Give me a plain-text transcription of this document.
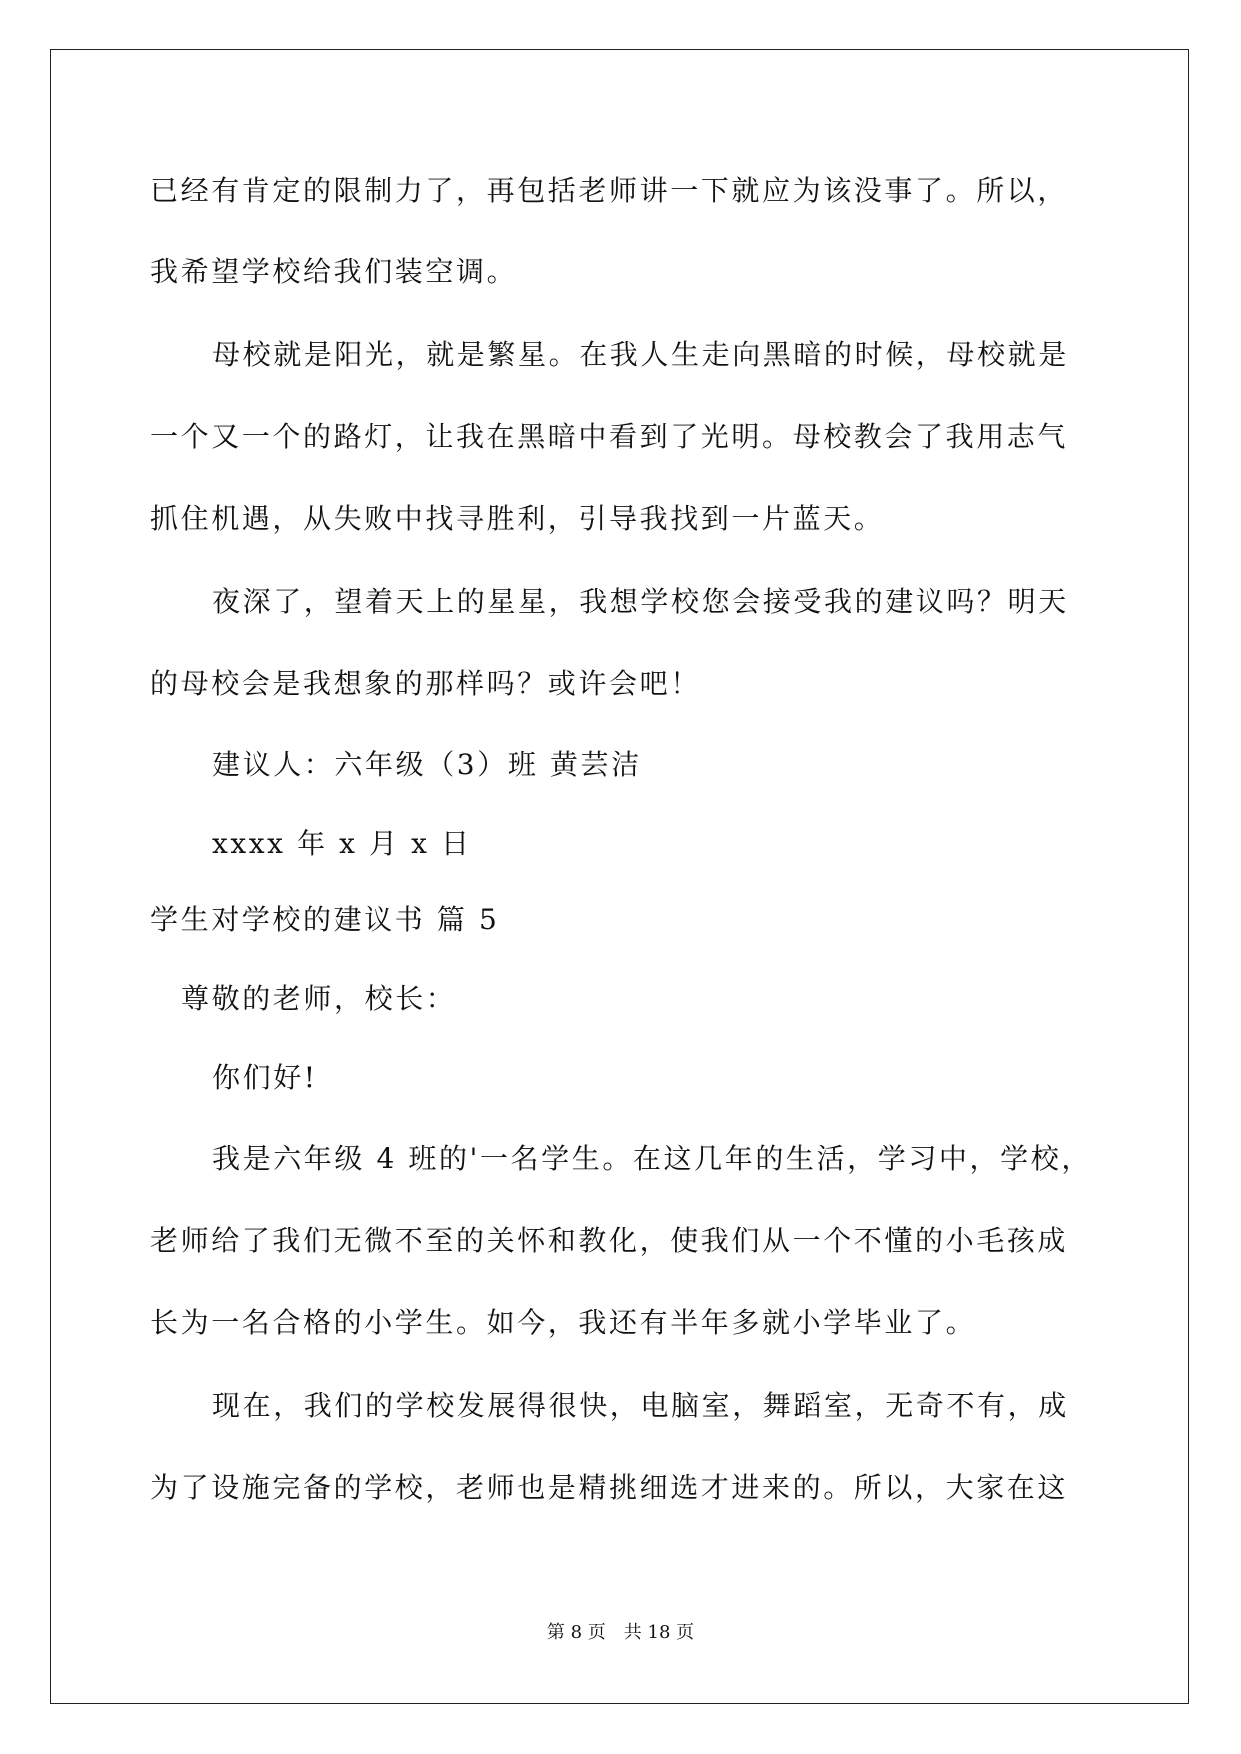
已经有肯定的限制力了，再包括老师讲一下就应为该没事了。所以，
我希望学校给我们装空调。
母校就是阳光，就是繁星。在我人生走向黑暗的时候，母校就是
一个又一个的路灯，让我在黑暗中看到了光明。母校教会了我用志气
抓住机遇，从失败中找寻胜利，引导我找到一片蓝天。
夜深了，望着天上的星星，我想学校您会接受我的建议吗？明天
的母校会是我想象的那样吗？或许会吧！
建议人：六年级（3）班 黄芸洁
xxxx 年 x 月 x 日
学生对学校的建议书 篇 5
尊敬的老师，校长：
你们好!
我是六年级 4 班的'一名学生。在这几年的生活，学习中，学校，
老师给了我们无微不至的关怀和教化，使我们从一个不懂的小毛孩成
长为一名合格的小学生。如今，我还有半年多就小学毕业了。
现在，我们的学校发展得很快，电脑室，舞蹈室，无奇不有，成
为了设施完备的学校，老师也是精挑细选才进来的。所以，大家在这
第 8 页　共 18 页
